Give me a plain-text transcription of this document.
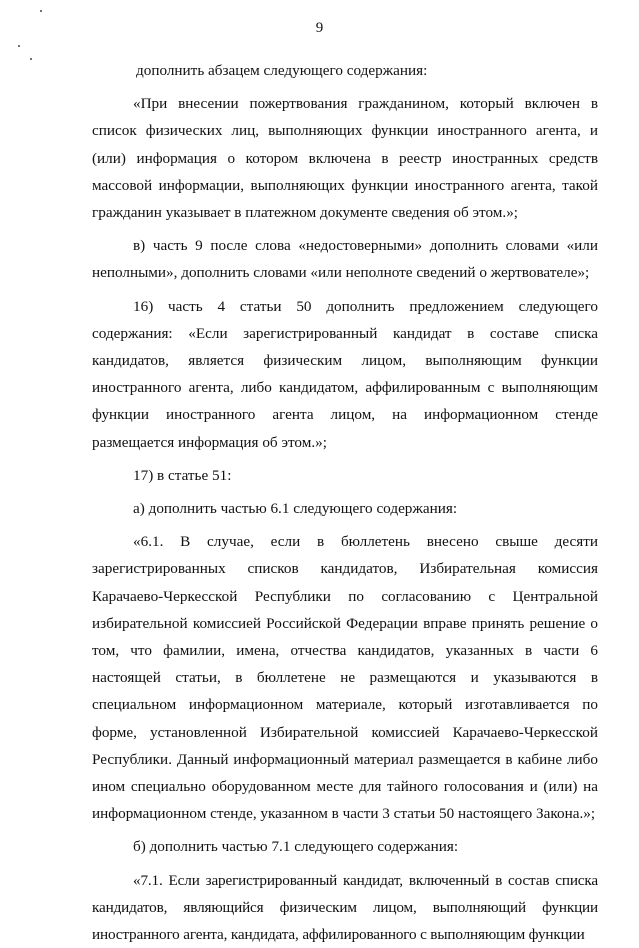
9

дополнить абзацем следующего содержания:

«При внесении пожертвования гражданином, который включен в список физических лиц, выполняющих функции иностранного агента, и (или) информация о котором включена в реестр иностранных средств массовой информации, выполняющих функции иностранного агента, такой гражданин указывает в платежном документе сведения об этом.»;

в) часть 9 после слова «недостоверными» дополнить словами «или неполными», дополнить словами «или неполноте сведений о жертвователе»;

16) часть 4 статьи 50 дополнить предложением следующего содержания: «Если зарегистрированный кандидат в составе списка кандидатов, является физическим лицом, выполняющим функции иностранного агента, либо кандидатом, аффилированным с выполняющим функции иностранного агента лицом, на информационном стенде размещается информация об этом.»;

17) в статье 51:

а) дополнить частью 6.1 следующего содержания:

«6.1. В случае, если в бюллетень внесено свыше десяти зарегистрированных списков кандидатов, Избирательная комиссия Карачаево-Черкесской Республики по согласованию с Центральной избирательной комиссией Российской Федерации вправе принять решение о том, что фамилии, имена, отчества кандидатов, указанных в части 6 настоящей статьи, в бюллетене не размещаются и указываются в специальном информационном материале, который изготавливается по форме, установленной Избирательной комиссией Карачаево-Черкесской Республики. Данный информационный материал размещается в кабине либо ином специально оборудованном месте для тайного голосования и (или) на информационном стенде, указанном в части 3 статьи 50 настоящего Закона.»;

б) дополнить частью 7.1 следующего содержания:

«7.1. Если зарегистрированный кандидат, включенный в состав списка кандидатов, являющийся физическим лицом, выполняющий функции иностранного агента, кандидата, аффилированного с выполняющим функции
